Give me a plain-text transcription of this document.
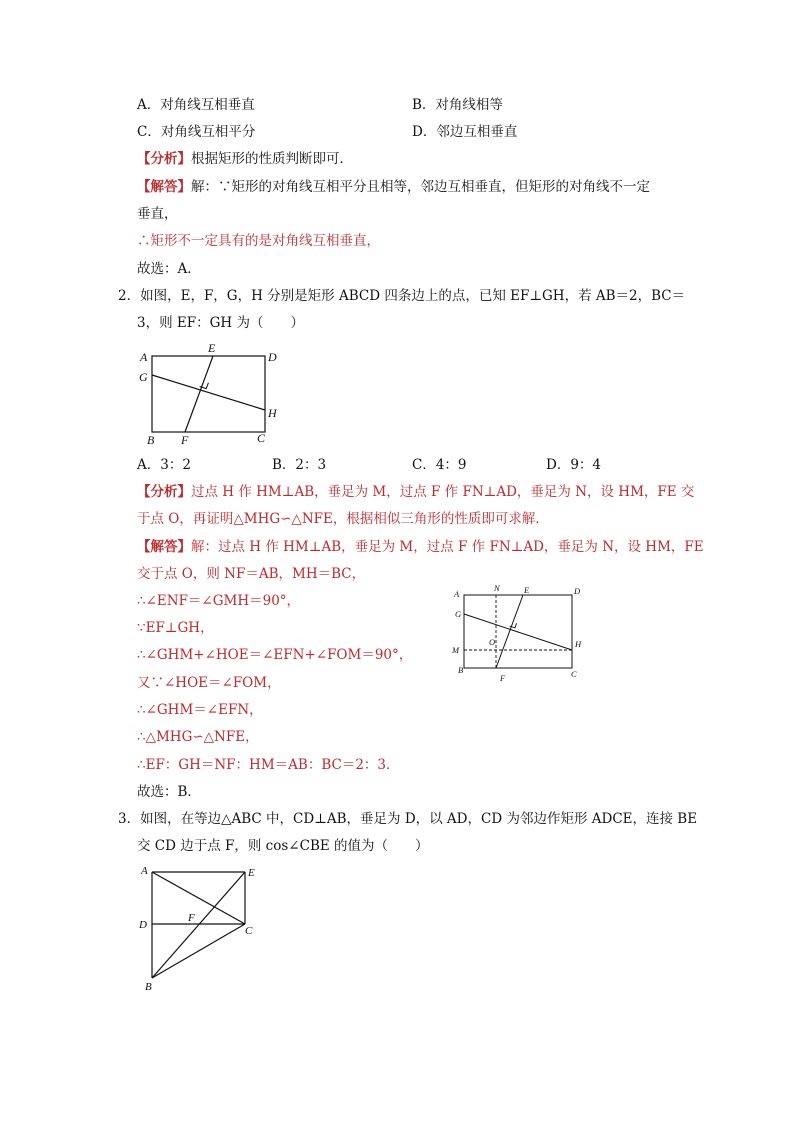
A．对角线互相垂直	B．对角线相等
C．对角线互相平分	D．邻边互相垂直
【分析】根据矩形的性质判断即可．
【解答】解：∵矩形的对角线互相平分且相等，邻边互相垂直，但矩形的对角线不一定
垂直，
∴矩形不一定具有的是对角线互相垂直，
故选：A．
2．如图，E，F，G，H 分别是矩形 ABCD 四条边上的点，已知 EF⊥GH，若 AB＝2，BC＝
3，则 EF：GH 为（　　）
A
E
D
G
H
B F	C
A．3：2	B．2：3	C．4：9	D．9：4
【分析】过点 H 作 HM⊥AB，垂足为 M，过点 F 作 FN⊥AD，垂足为 N，设 HM，FE 交
于点 O，再证明△MHG∽△NFE，根据相似三角形的性质即可求解．
【解答】解：过点 H 作 HM⊥AB，垂足为 M，过点 F 作 FN⊥AD，垂足为 N，设 HM，FE
交于点 O，则 NF＝AB，MH＝BC，
∴∠ENF＝∠GMH＝90°，
∵EF⊥GH，
∴∠GHM+∠HOE＝∠EFN+∠FOM＝90°，
又∵∠HOE＝∠FOM，
∴∠GHM＝∠EFN，
∴△MHG∽△NFE，
∴EF：GH＝NF：HM＝AB：BC＝2：3．
故选：B．
N	E	D
A
G
O	H
M
B
F	C
3．如图，在等边△ABC 中，CD⊥AB，垂足为 D，以 AD，CD 为邻边作矩形 ADCE，连接 BE
交 CD 边于点 F，则 cos∠CBE 的值为（　　）
A	E
D
F
C
B
